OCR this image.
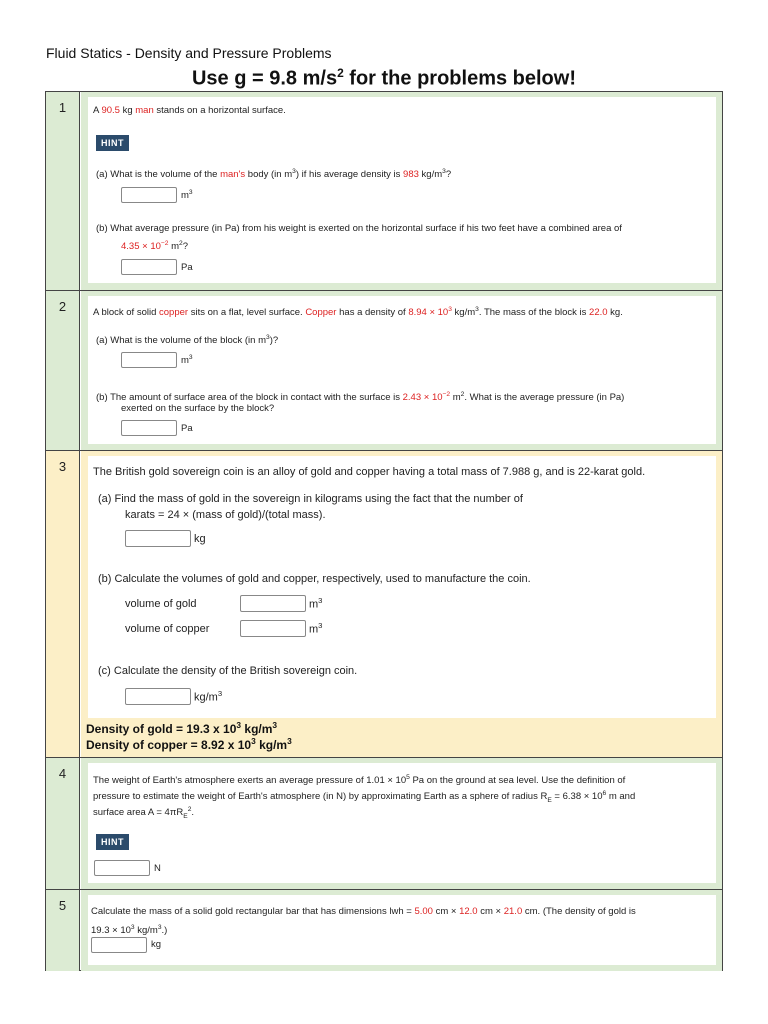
Fluid Statics - Density and Pressure Problems
Use g = 9.8 $m/s^2$ for the problems below!
1	A 90.5 kg man stands on a horizontal surface.
HINT
(a) What is the volume of the man's body (in $m^3$) if his average density is 983 $kg/m^3$?
$m^3$
(b) What average pressure (in Pa) from his weight is exerted on the horizontal surface if his two feet have a combined area of
$4.35 \times 10^{-2}$ $m^2$?
Pa
2	A block of solid copper sits on a flat, level surface. Copper has a density of $8.94 \times 10^3$ $kg/m^3$. The mass of the block is 22.0 kg.
(a) What is the volume of the block (in $m^3$)?
$m^3$
(b) The amount of surface area of the block in contact with the surface is $2.43 \times 10^{-2}$ $m^2$. What is the average pressure (in Pa)
exerted on the surface by the block?
Pa
3	The British gold sovereign coin is an alloy of gold and copper having a total mass of 7.988 g, and is 22-karat gold.
(a) Find the mass of gold in the sovereign in kilograms using the fact that the number of
karats = 24 × (mass of gold)/(total mass).
kg
(b) Calculate the volumes of gold and copper, respectively, used to manufacture the coin.
volume of gold	$m^3$
volume of copper	$m^3$
(c) Calculate the density of the British sovereign coin.
$kg/m^3$
Density of gold = 19.3 x $10^3$ $kg/m^3$
Density of copper = 8.92 x $10^3$ $kg/m^3$
4	The weight of Earth's atmosphere exerts an average pressure of $1.01 \times 10^5$ Pa on the ground at sea level. Use the definition of
pressure to estimate the weight of Earth's atmosphere (in N) by approximating Earth as a sphere of radius $R_E = 6.38 \times 10^6$ m and
surface area $A = 4\pi R_E^2$.
HINT
N
5	Calculate the mass of a solid gold rectangular bar that has dimensions lwh = 5.00 cm × 12.0 cm × 21.0 cm. (The density of gold is
$19.3 \times 10^3$ $kg/m^3$.)
kg
